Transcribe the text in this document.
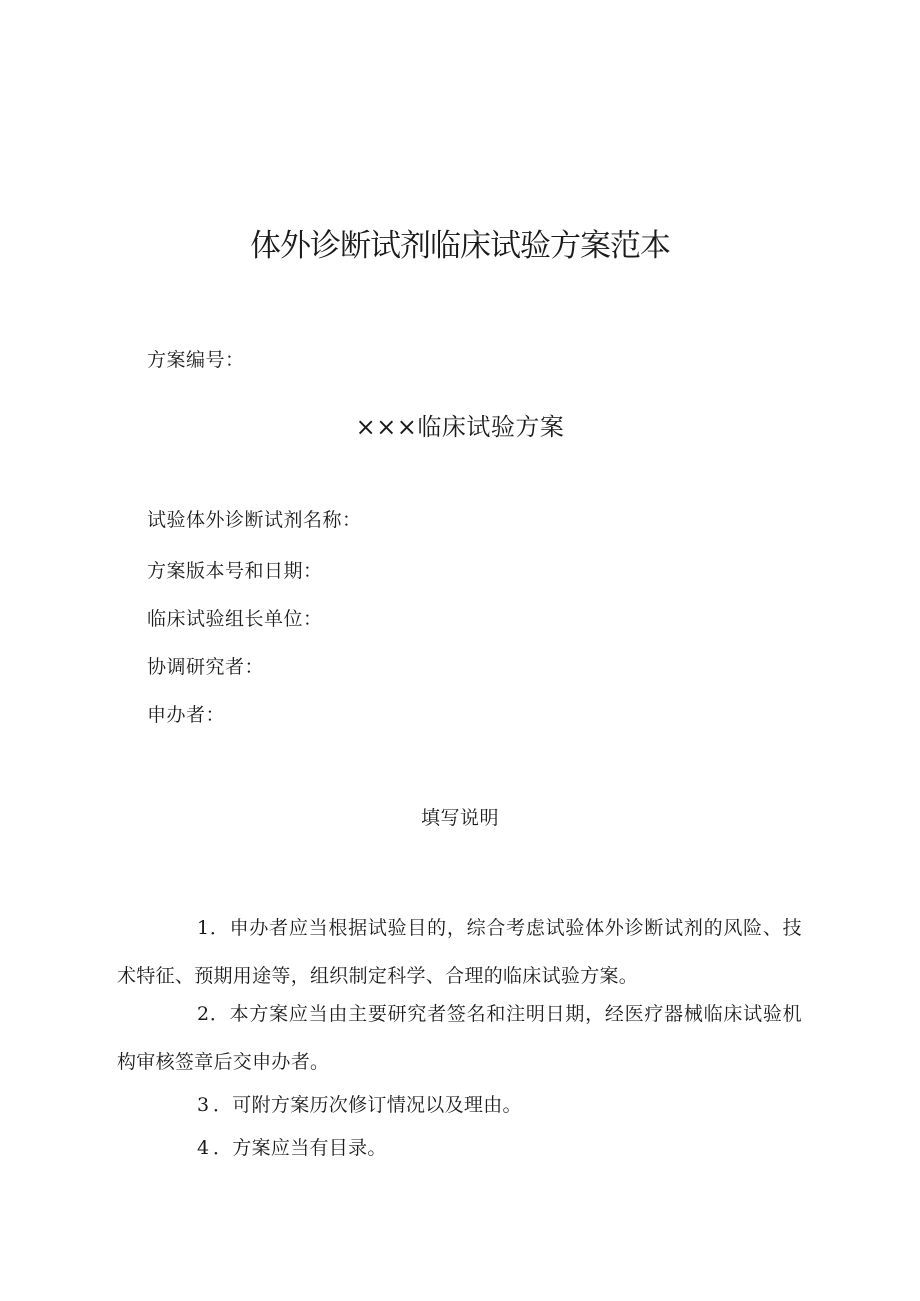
体外诊断试剂临床试验方案范本
方案编号：
×××临床试验方案
试验体外诊断试剂名称：
方案版本号和日期：
临床试验组长单位：
协调研究者：
申办者：
填写说明

1．申办者应当根据试验目的，综合考虑试验体外诊断试剂的风险、技术特征、预期用途等，组织制定科学、合理的临床试验方案。

2．本方案应当由主要研究者签名和注明日期，经医疗器械临床试验机构审核签章后交申办者。

3 ．可附方案历次修订情况以及理由。

4 ．方案应当有目录。
